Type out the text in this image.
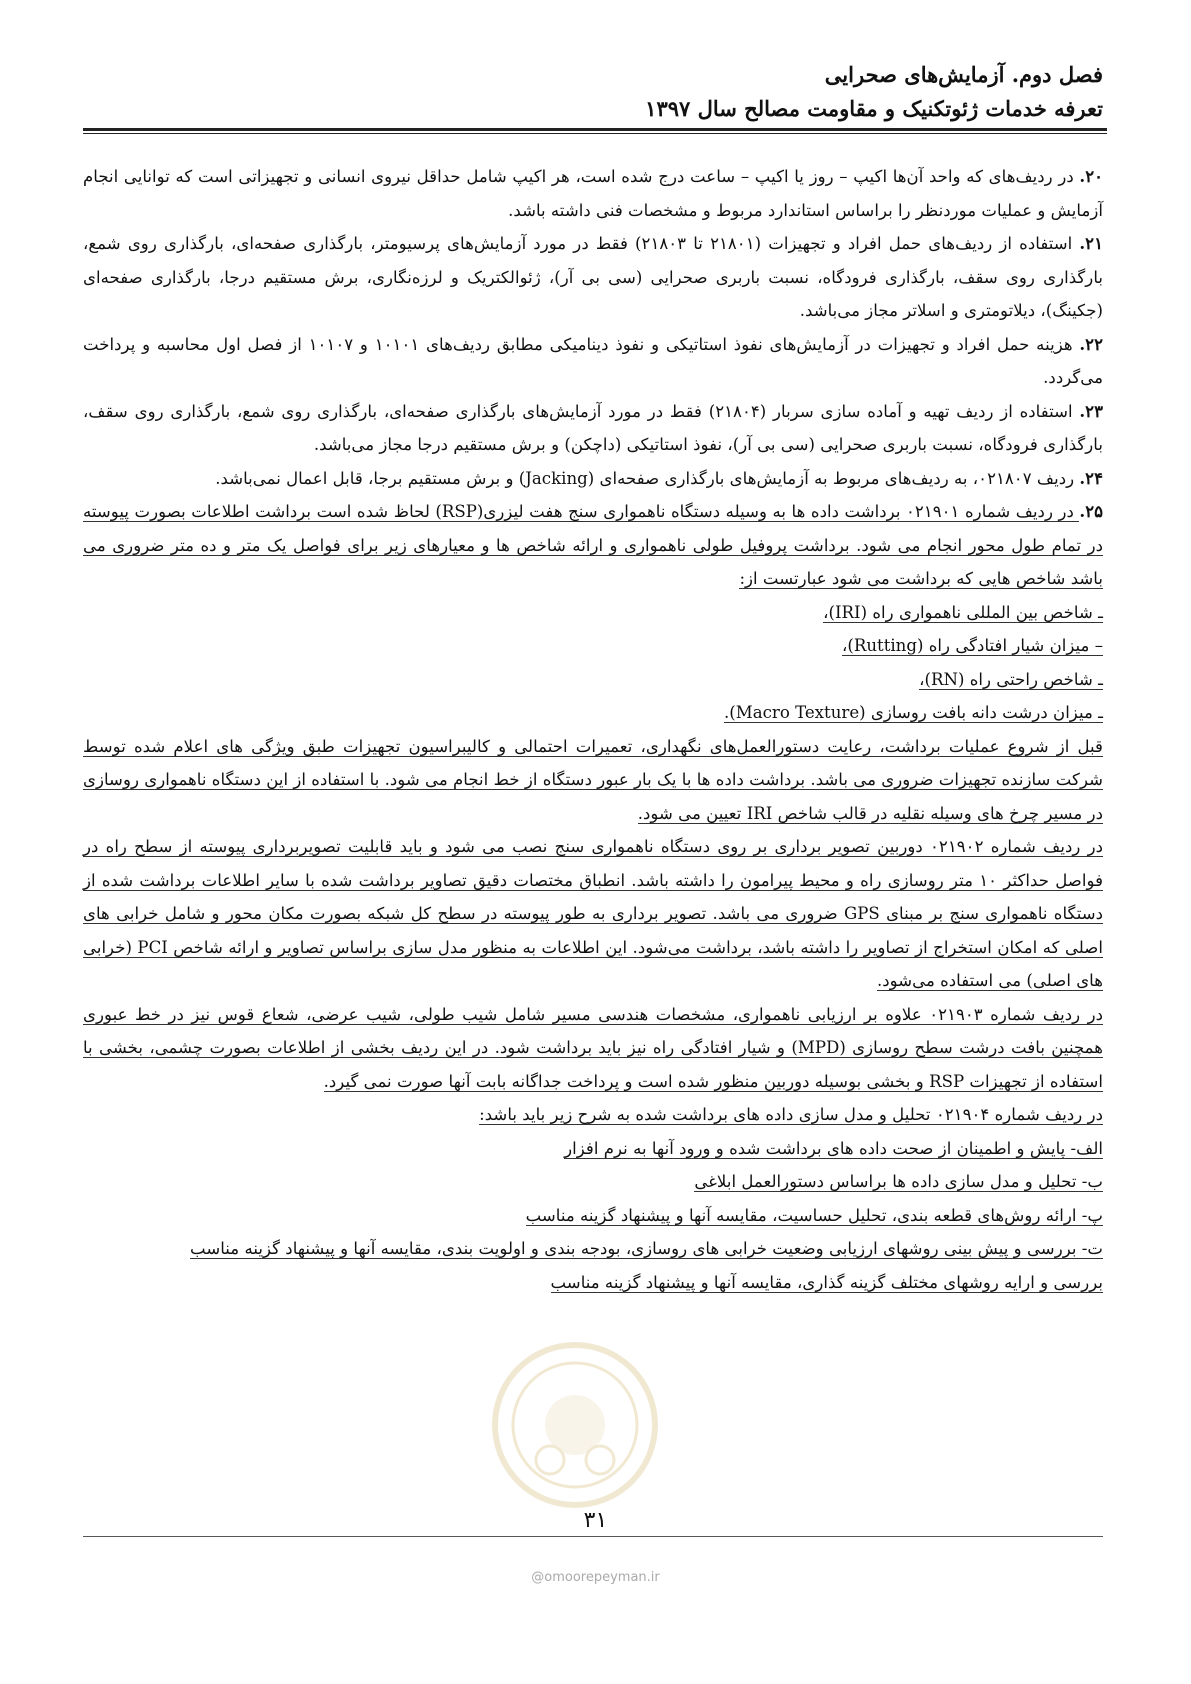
فصل دوم. آزمایش‌های صحرایی
تعرفه خدمات ژئوتکنیک و مقاومت مصالح سال ۱۳۹۷

۲۰. در ردیف‌های که واحد آن‌ها اکیپ – روز یا اکیپ – ساعت درج شده است، هر اکیپ شامل حداقل نیروی انسانی و تجهیزاتی است که توانایی انجام آزمایش و عملیات موردنظر را براساس استاندارد مربوط و مشخصات فنی داشته باشد.

۲۱. استفاده از ردیف‌های حمل افراد و تجهیزات (۲۱۸۰۱ تا ۲۱۸۰۳) فقط در مورد آزمایش‌های پرسیومتر، بارگذاری صفحه‌ای، بارگذاری روی شمع، بارگذاری روی سقف، بارگذاری فرودگاه، نسبت باربری صحرایی (سی بی آر)، ژئوالکتریک و لرزه‌نگاری، برش مستقیم درجا، بارگذاری صفحه‌ای (جکینگ)، دیلاتومتری و اسلاتر مجاز می‌باشد.

۲۲. هزینه حمل افراد و تجهیزات در آزمایش‌های نفوذ استاتیکی و نفوذ دینامیکی مطابق ردیف‌های ۱۰۱۰۱ و ۱۰۱۰۷ از فصل اول محاسبه و پرداخت می‌گردد.

۲۳. استفاده از ردیف تهیه و آماده سازی سربار (۲۱۸۰۴) فقط در مورد آزمایش‌های بارگذاری صفحه‌ای، بارگذاری روی شمع، بارگذاری روی سقف، بارگذاری فرودگاه، نسبت باربری صحرایی (سی بی آر)، نفوذ استاتیکی (داچکن) و برش مستقیم درجا مجاز می‌باشد.

۲۴. ردیف ۰۲۱۸۰۷، به ردیف‌های مربوط به آزمایش‌های بارگذاری صفحه‌ای (Jacking) و برش مستقیم برجا، قابل اعمال نمی‌باشد.

۲۵. در ردیف شماره ۰۲۱۹۰۱ برداشت داده ها به وسیله دستگاه ناهمواری سنج هفت لیزری(RSP) لحاظ شده است برداشت اطلاعات بصورت پیوسته در تمام طول محور انجام می شود. برداشت پروفیل طولی ناهمواری و ارائه شاخص ها و معیارهای زیر برای فواصل یک متر و ده متر ضروری می باشد شاخص هایی که برداشت می شود عبارتست از:

ـ شاخص بین المللی ناهمواری راه (IRI)،

– میزان شیار افتادگی راه (Rutting)،

ـ شاخص راحتی راه (RN)،

ـ میزان درشت دانه بافت روسازی (Macro Texture).

قبل از شروع عملیات برداشت، رعایت دستورالعمل‌های نگهداری، تعمیرات احتمالی و کالیبراسیون تجهیزات طبق ویژگی های اعلام شده توسط شرکت سازنده تجهیزات ضروری می باشد. برداشت داده ها با یک بار عبور دستگاه از خط انجام می شود. با استفاده از این دستگاه ناهمواری روسازی در مسیر چرخ های وسیله نقلیه در قالب شاخص IRI تعیین می شود.

در ردیف شماره ۰۲۱۹۰۲ دوربین تصویر برداری بر روی دستگاه ناهمواری سنج نصب می شود و باید قابلیت تصویربرداری پیوسته از سطح راه در فواصل حداکثر ۱۰ متر روسازی راه و محیط پیرامون را داشته باشد. انطباق مختصات دقیق تصاویر برداشت شده با سایر اطلاعات برداشت شده از دستگاه ناهمواری سنج بر مبنای GPS ضروری می باشد. تصویر برداری به طور پیوسته در سطح کل شبکه بصورت مکان محور و شامل خرابی های اصلی که امکان استخراج از تصاویر را داشته باشد، برداشت می‌شود. این اطلاعات به منظور مدل سازی براساس تصاویر و ارائه شاخص PCI (خرابی های اصلی) می استفاده می‌شود.

در ردیف شماره ۰۲۱۹۰۳ علاوه بر ارزیابی ناهمواری، مشخصات هندسی مسیر شامل شیب طولی، شیب عرضی، شعاع قوس نیز در خط عبوری همچنین بافت درشت سطح روسازی (MPD) و شیار افتادگی راه نیز باید برداشت شود. در این ردیف بخشی از اطلاعات بصورت چشمی، بخشی با استفاده از تجهیزات RSP و بخشی بوسیله دوربین منظور شده است و پرداخت جداگانه بابت آنها صورت نمی گیرد.

در ردیف شماره ۰۲۱۹۰۴ تحلیل و مدل سازی داده های برداشت شده به شرح زیر باید باشد:

الف- پایش و اطمینان از صحت داده های برداشت شده و ورود آنها به نرم افزار

ب- تحلیل و مدل سازی داده ها براساس دستورالعمل ابلاغی

پ- ارائه روش‌های قطعه بندی، تحلیل حساسیت، مقایسه آنها و پیشنهاد گزینه مناسب

ت- بررسی و پیش بینی روشهای ارزیابی وضعیت خرابی های روسازی، بودجه بندی و اولویت بندی، مقایسه آنها و پیشنهاد گزینه مناسب

بررسی و ارایه روشهای مختلف گزینه گذاری، مقایسه آنها و پیشنهاد گزینه مناسب

۳۱
@omoorepeyman.ir
